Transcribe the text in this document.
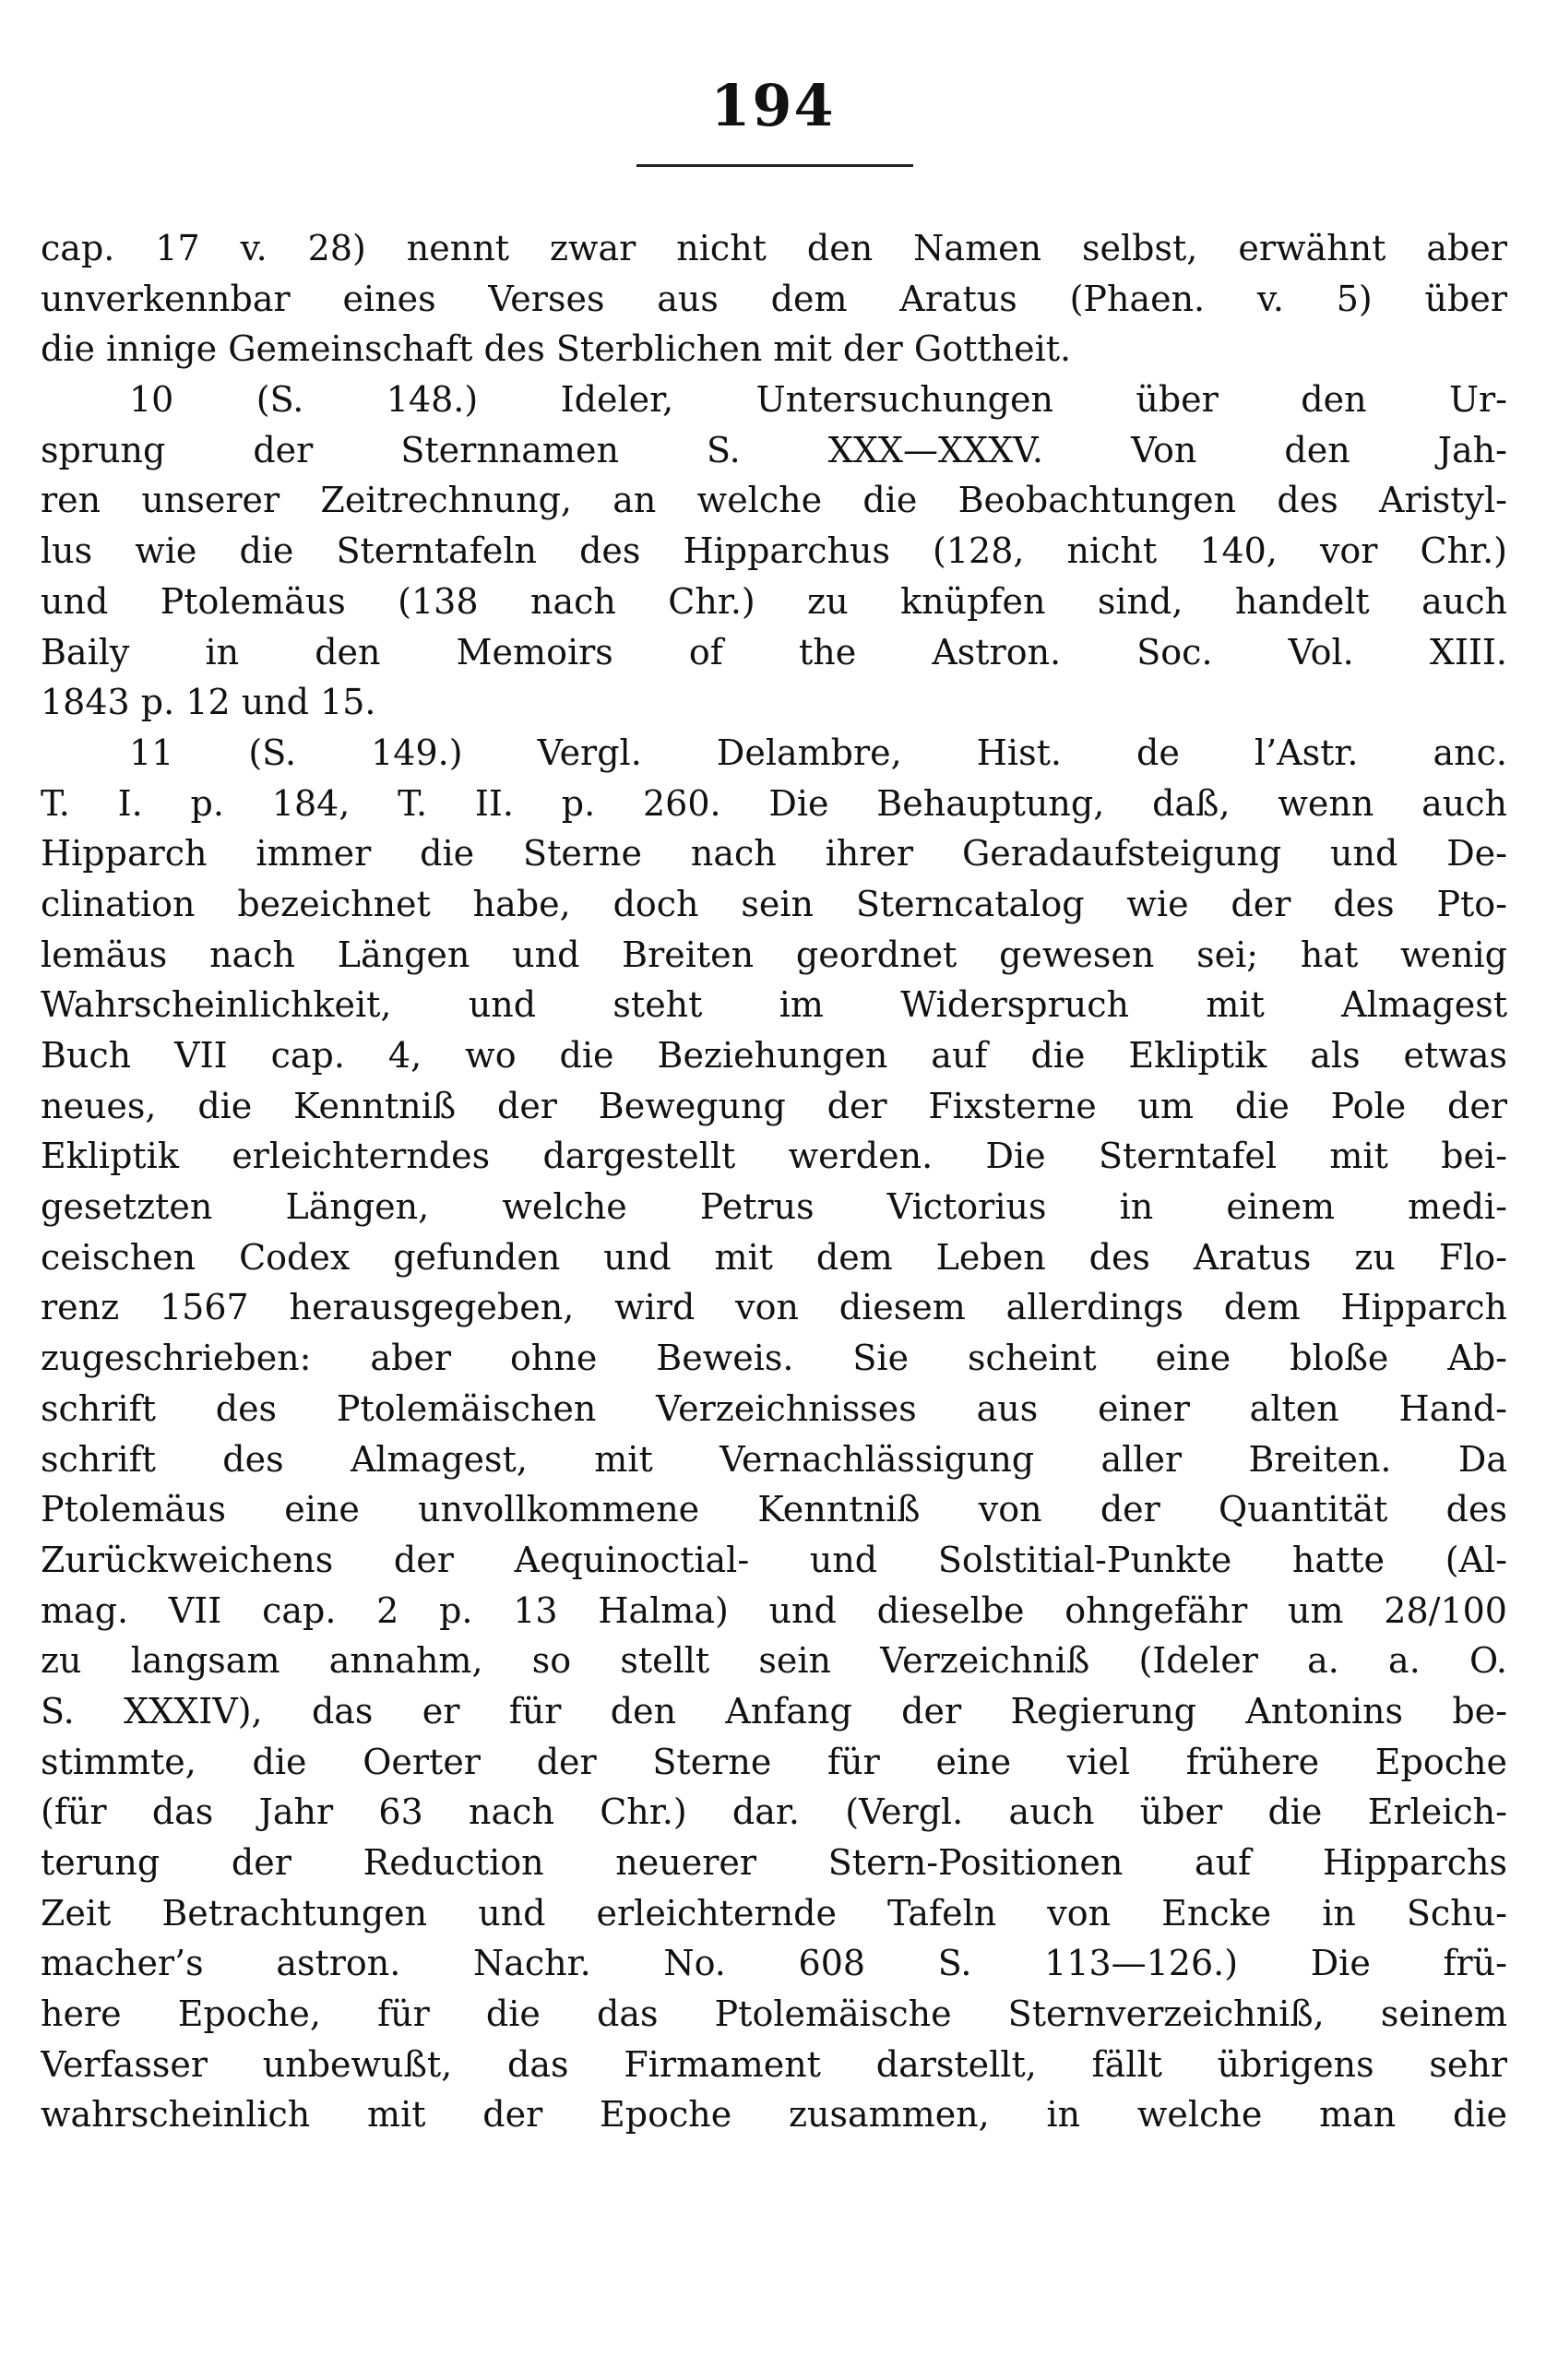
194
cap. 17 v. 28) nennt zwar nicht den Namen selbst, erwähnt aber
unverkennbar eines Verses aus dem Aratus (Phaen. v. 5) über
die innige Gemeinschaft des Sterblichen mit der Gottheit.
10 (S. 148.) Ideler, Untersuchungen über den Ur-
sprung der Sternnamen S. XXX—XXXV. Von den Jah-
ren unserer Zeitrechnung, an welche die Beobachtungen des Aristyl-
lus wie die Sterntafeln des Hipparchus (128, nicht 140, vor Chr.)
und Ptolemäus (138 nach Chr.) zu knüpfen sind, handelt auch
Baily in den Memoirs of the Astron. Soc. Vol. XIII.
1843 p. 12 und 15.
11 (S. 149.) Vergl. Delambre, Hist. de l’Astr. anc.
T. I. p. 184, T. II. p. 260. Die Behauptung, daß, wenn auch
Hipparch immer die Sterne nach ihrer Geradaufsteigung und De-
clination bezeichnet habe, doch sein Sterncatalog wie der des Pto-
lemäus nach Längen und Breiten geordnet gewesen sei; hat wenig
Wahrscheinlichkeit, und steht im Widerspruch mit Almagest
Buch VII cap. 4, wo die Beziehungen auf die Ekliptik als etwas
neues, die Kenntniß der Bewegung der Fixsterne um die Pole der
Ekliptik erleichterndes dargestellt werden. Die Sterntafel mit bei-
gesetzten Längen, welche Petrus Victorius in einem medi-
ceischen Codex gefunden und mit dem Leben des Aratus zu Flo-
renz 1567 herausgegeben, wird von diesem allerdings dem Hipparch
zugeschrieben: aber ohne Beweis. Sie scheint eine bloße Ab-
schrift des Ptolemäischen Verzeichnisses aus einer alten Hand-
schrift des Almagest, mit Vernachlässigung aller Breiten. Da
Ptolemäus eine unvollkommene Kenntniß von der Quantität des
Zurückweichens der Aequinoctial- und Solstitial-Punkte hatte (Al-
mag. VII cap. 2 p. 13 Halma) und dieselbe ohngefähr um 28/100
zu langsam annahm, so stellt sein Verzeichniß (Ideler a. a. O.
S. XXXIV), das er für den Anfang der Regierung Antonins be-
stimmte, die Oerter der Sterne für eine viel frühere Epoche
(für das Jahr 63 nach Chr.) dar. (Vergl. auch über die Erleich-
terung der Reduction neuerer Stern-Positionen auf Hipparchs
Zeit Betrachtungen und erleichternde Tafeln von Encke in Schu-
macher’s astron. Nachr. No. 608 S. 113—126.) Die frü-
here Epoche, für die das Ptolemäische Sternverzeichniß, seinem
Verfasser unbewußt, das Firmament darstellt, fällt übrigens sehr
wahrscheinlich mit der Epoche zusammen, in welche man die
